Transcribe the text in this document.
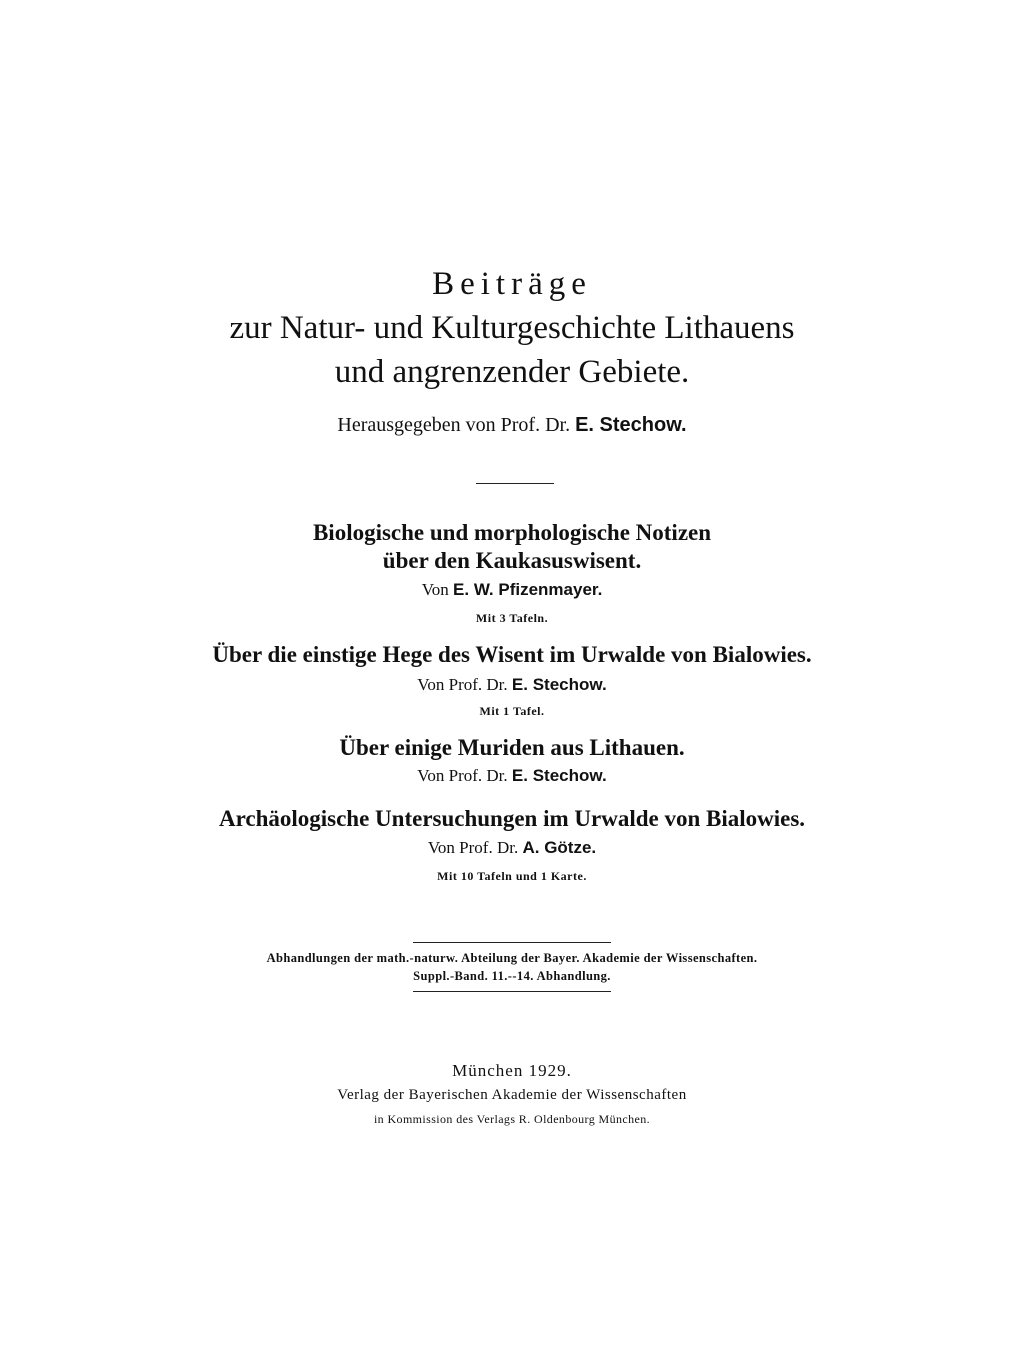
Beiträge
zur Natur- und Kulturgeschichte Lithauens
und angrenzender Gebiete.
Herausgegeben von Prof. Dr. E. Stechow.
Biologische und morphologische Notizen
über den Kaukasuswisent.
Von E. W. Pfizenmayer.
Mit 3 Tafeln.
Über die einstige Hege des Wisent im Urwalde von Bialowies.
Von Prof. Dr. E. Stechow.
Mit 1 Tafel.
Über einige Muriden aus Lithauen.
Von Prof. Dr. E. Stechow.
Archäologische Untersuchungen im Urwalde von Bialowies.
Von Prof. Dr. A. Götze.
Mit 10 Tafeln und 1 Karte.
Abhandlungen der math.-naturw. Abteilung der Bayer. Akademie der Wissenschaften.
Suppl.-Band. 11.--14. Abhandlung.
München 1929.
Verlag der Bayerischen Akademie der Wissenschaften
in Kommission des Verlags R. Oldenbourg München.
